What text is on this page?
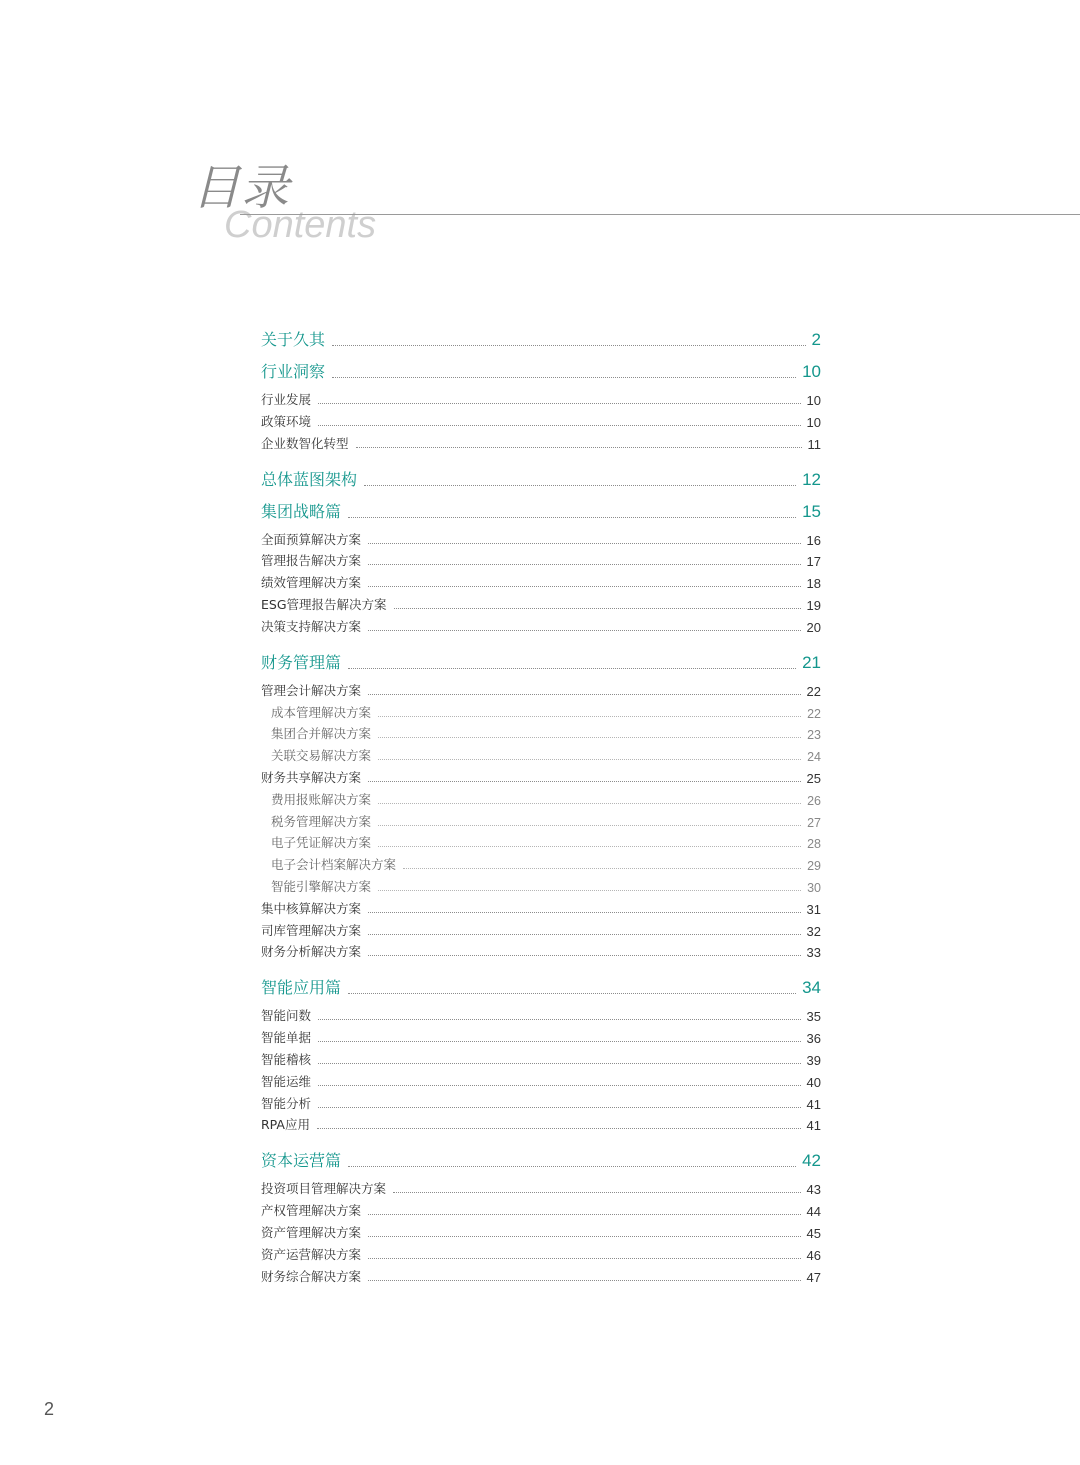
目录
Contents
关于久其	2
行业洞察	10
行业发展	10
政策环境	10
企业数智化转型	11
总体蓝图架构	12
集团战略篇	15
全面预算解决方案	16
管理报告解决方案	17
绩效管理解决方案	18
ESG管理报告解决方案	19
决策支持解决方案	20
财务管理篇	21
管理会计解决方案	22
成本管理解决方案	22
集团合并解决方案	23
关联交易解决方案	24
财务共享解决方案	25
费用报账解决方案	26
税务管理解决方案	27
电子凭证解决方案	28
电子会计档案解决方案	29
智能引擎解决方案	30
集中核算解决方案	31
司库管理解决方案	32
财务分析解决方案	33
智能应用篇	34
智能问数	35
智能单据	36
智能稽核	39
智能运维	40
智能分析	41
RPA应用	41
资本运营篇	42
投资项目管理解决方案	43
产权管理解决方案	44
资产管理解决方案	45
资产运营解决方案	46
财务综合解决方案	47
2
